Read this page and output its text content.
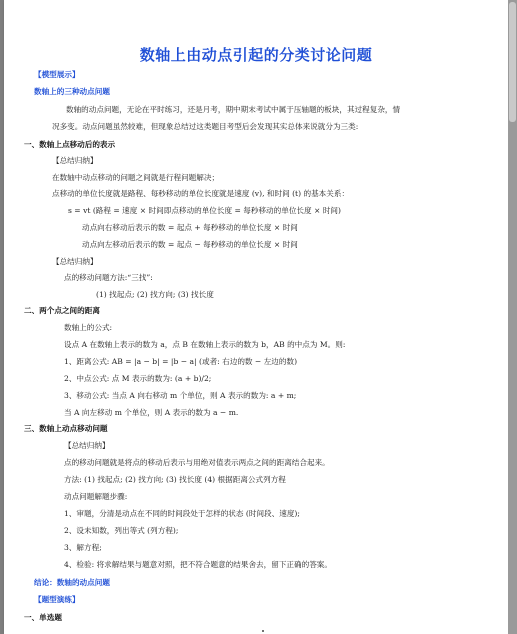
数轴上由动点引起的分类讨论问题
【模型展示】
数轴上的三种动点问题
数轴的动点问题，无论在平时练习，还是月考，期中期末考试中属于压轴题的板块，其过程复杂，情
况多变。动点问题虽然较难，但现象总结过这类题目考型后会发现其实总体来说就分为三类:
一、数轴上点移动后的表示
【总结归纳】
在数轴中动点移动的问题之间就是行程问题解决；
点移动的单位长度就是路程、每秒移动的单位长度就是速度 (v), 和时间 (t) 的基本关系：
s = vt (路程 = 速度 × 时间即点移动的单位长度 = 每秒移动的单位长度 × 时间)
动点向右移动后表示的数 = 起点 + 每秒移动的单位长度 × 时间
动点向左移动后表示的数 = 起点 − 每秒移动的单位长度 × 时间
【总结归纳】
点的移动问题方法:“三找”:
(1) 找起点; (2) 找方向; (3) 找长度
二、两个点之间的距离
数轴上的公式:
设点 A 在数轴上表示的数为 a，点 B 在数轴上表示的数为 b，AB 的中点为 M。则:
1、距离公式: AB = |a − b| = |b − a| (或者: 右边的数 − 左边的数)
2、中点公式: 点 M 表示的数为: (a + b)/2;
3、移动公式: 当点 A 向右移动 m 个单位，则 A 表示的数为: a + m;
当 A 向左移动 m 个单位，则 A 表示的数为 a − m.
三、数轴上动点移动问题
【总结归纳】
点的移动问题就是将点的移动后表示与用绝对值表示两点之间的距离结合起来。
方法: (1) 找起点; (2) 找方向; (3) 找长度 (4) 根据距离公式列方程
动点问题解题步骤:
1、审题，分清是动点在不同的时间段处于怎样的状态 (时间段、速度);
2、设未知数，列出等式 (列方程);
3、解方程;
4、检验: 将求解结果与题意对照，把不符合题意的结果舍去，留下正确的答案。
结论：数轴的动点问题
【题型演练】
一、单选题
